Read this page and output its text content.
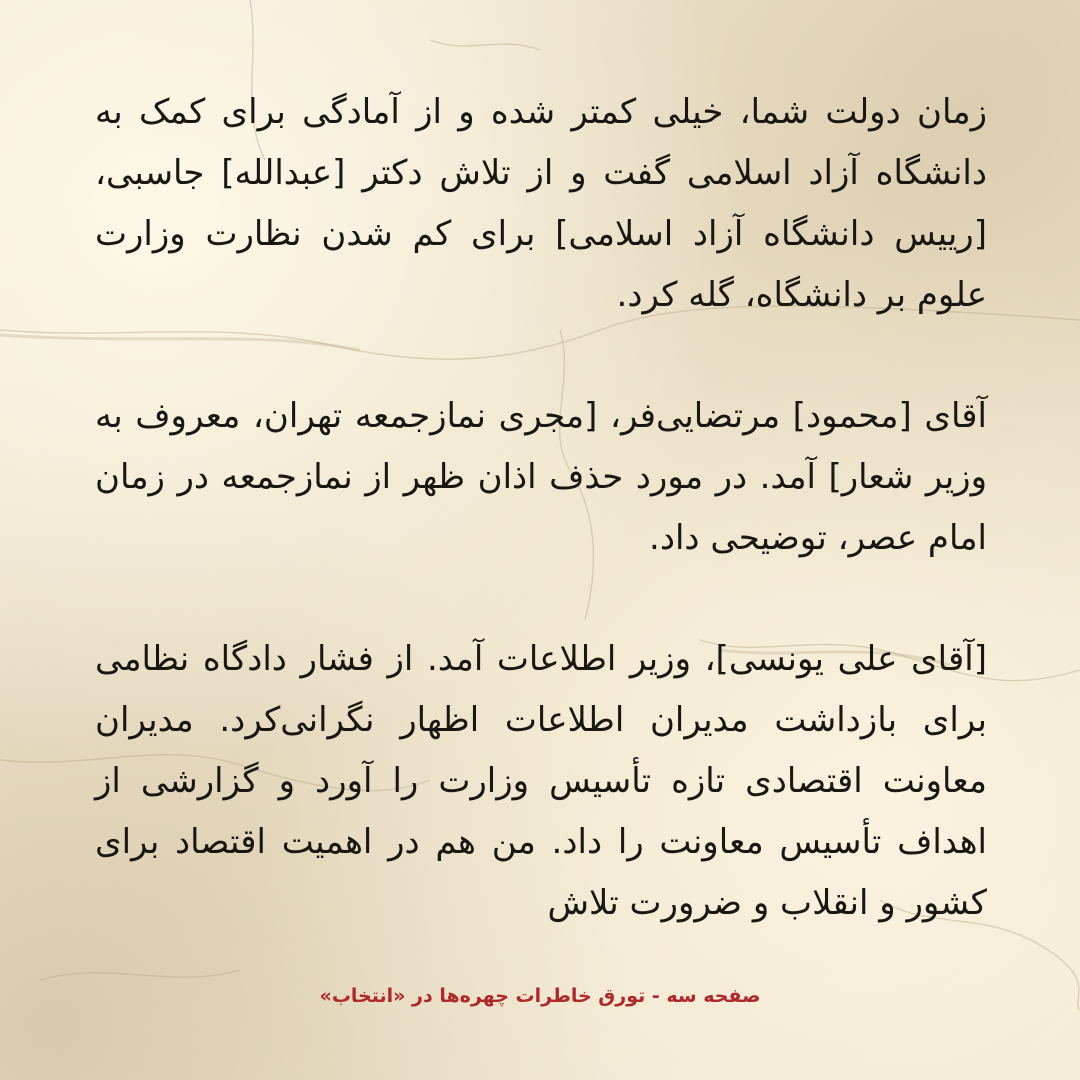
زمان دولت شما، خیلی کمتر شده و از آمادگی برای کمک به دانشگاه آزاد اسلامی گفت و از تلاش دکتر [عبدالله] جاسبی، [رییس دانشگاه آزاد اسلامی] برای کم شدن نظارت وزارت علوم بر دانشگاه، گله کرد.

آقای [محمود] مرتضایی‌فر، [مجری نمازجمعه تهران، معروف به وزیر شعار] آمد. در مورد حذف اذان ظهر از نمازجمعه در زمان امام عصر، توضیحی داد.

[آقای علی یونسی]، وزیر اطلاعات آمد. از فشار دادگاه نظامی برای بازداشت مدیران اطلاعات اظهار نگرانی‌کرد. مدیران معاونت اقتصادی تازه تأسیس وزارت را آورد و گزارشی از اهداف تأسیس معاونت را داد. من هم در اهمیت اقتصاد برای کشور و انقلاب و ضرورت تلاش

صفحه سه - تورق خاطرات چهره‌ها در «انتخاب»
